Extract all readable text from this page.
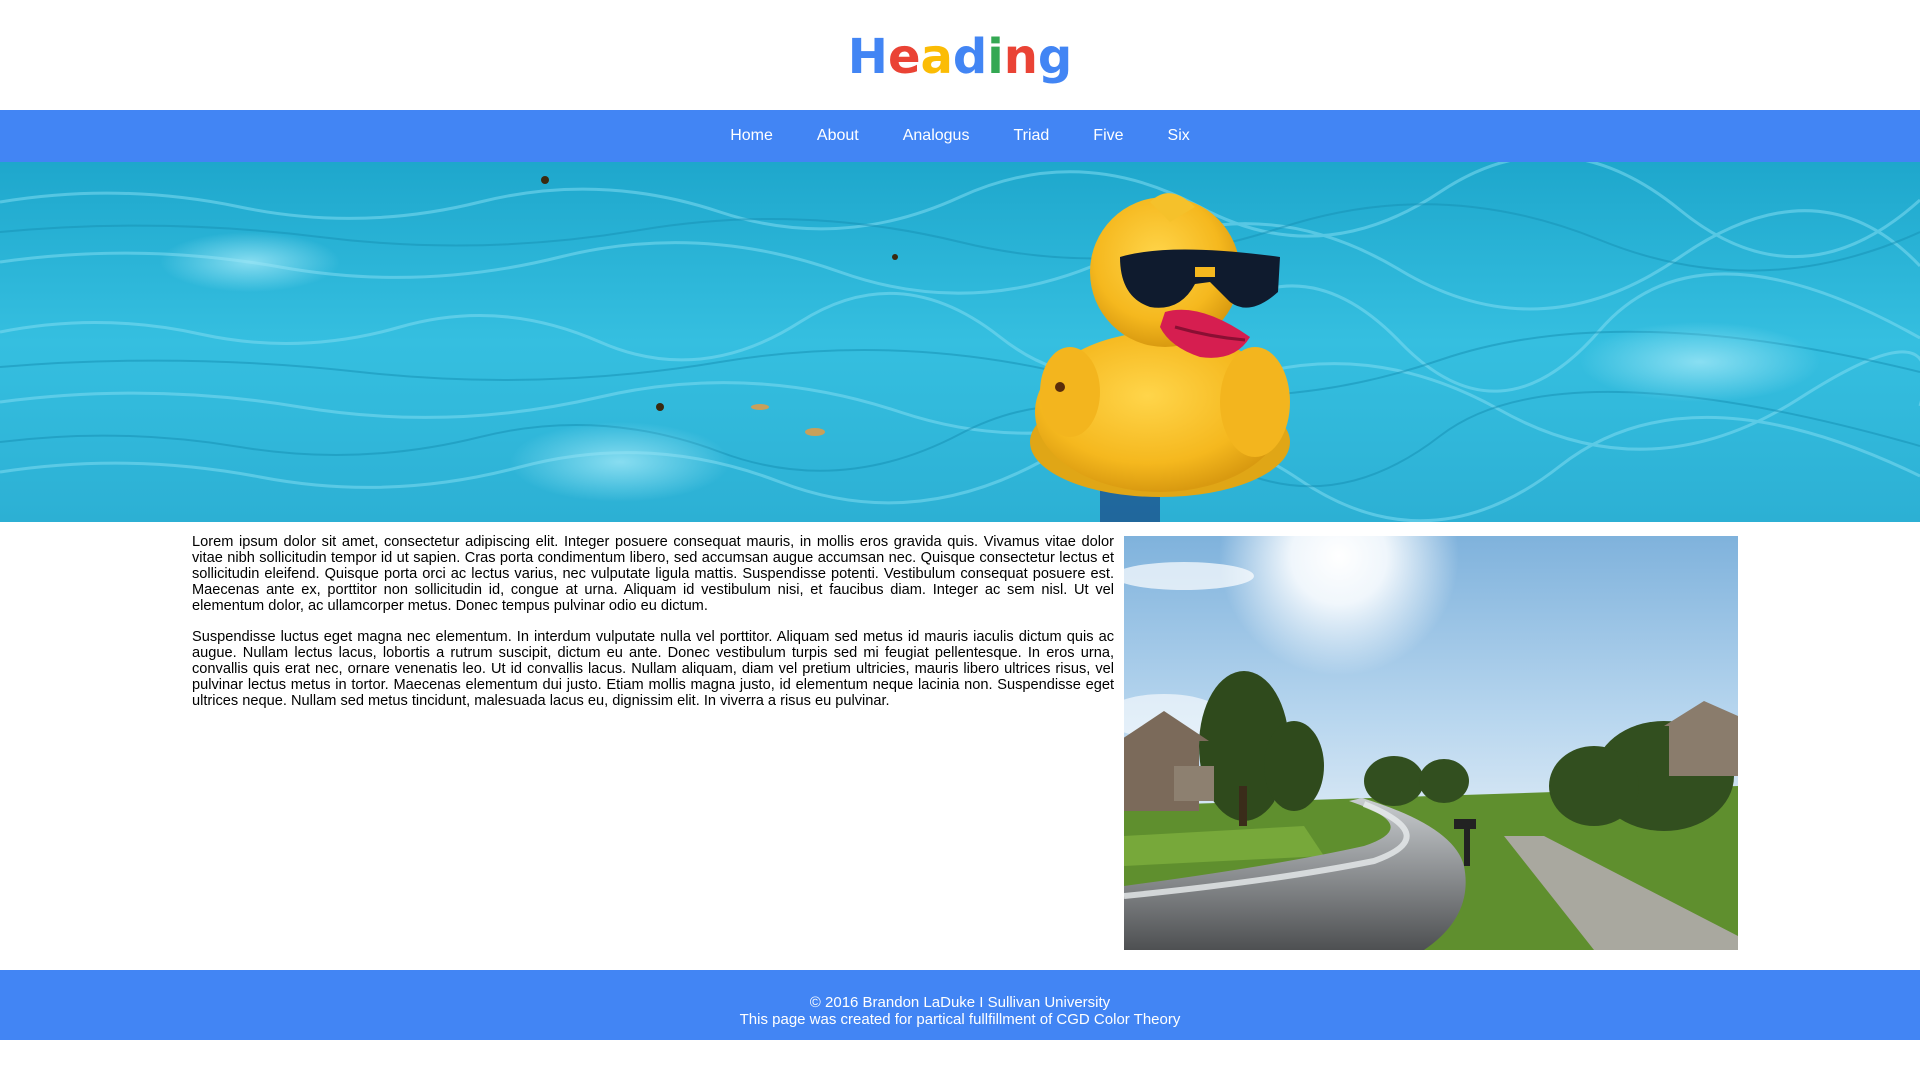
Heading
Home	About	Analogus	Triad	Five	Six

Lorem ipsum dolor sit amet, consectetur adipiscing elit. Integer posuere consequat mauris, in mollis eros gravida quis. Vivamus vitae dolor vitae nibh sollicitudin tempor id ut sapien. Cras porta condimentum libero, sed accumsan augue accumsan nec. Quisque consectetur lectus et sollicitudin eleifend. Quisque porta orci ac lectus varius, nec vulputate ligula mattis. Suspendisse potenti. Vestibulum consequat posuere est. Maecenas ante ex, porttitor non sollicitudin id, congue at urna. Aliquam id vestibulum nisi, et faucibus diam. Integer ac sem nisl. Ut vel elementum dolor, ac ullamcorper metus. Donec tempus pulvinar odio eu dictum.

Suspendisse luctus eget magna nec elementum. In interdum vulputate nulla vel porttitor. Aliquam sed metus id mauris iaculis dictum quis ac augue. Nullam lectus lacus, lobortis a rutrum suscipit, dictum eu ante. Donec vestibulum turpis sed mi feugiat pellentesque. In eros urna, convallis quis erat nec, ornare venenatis leo. Ut id convallis lacus. Nullam aliquam, diam vel pretium ultricies, mauris libero ultrices risus, vel pulvinar lectus metus in tortor. Maecenas elementum dui justo. Etiam mollis magna justo, id elementum neque lacinia non. Suspendisse eget ultrices neque. Nullam sed metus tincidunt, malesuada lacus eu, dignissim elit. In viverra a risus eu pulvinar.

© 2016 Brandon LaDuke I Sullivan University
This page was created for partical fullfillment of CGD Color Theory
